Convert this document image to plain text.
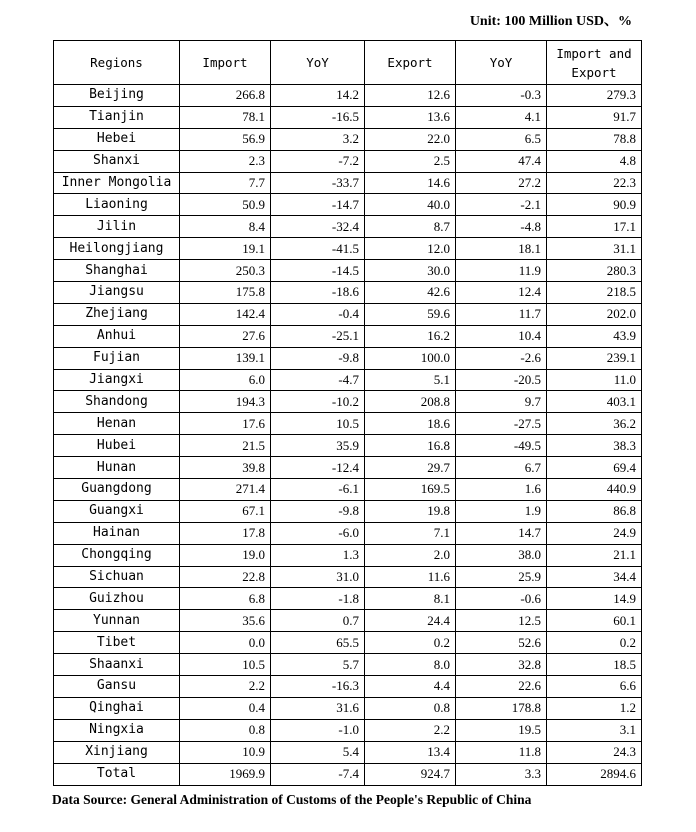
Unit: 100 Million USD、%
Regions	Import	YoY	Export	YoY	Import and Export
Beijing	266.8	14.2	12.6	-0.3	279.3
Tianjin	78.1	-16.5	13.6	4.1	91.7
Hebei	56.9	3.2	22.0	6.5	78.8
Shanxi	2.3	-7.2	2.5	47.4	4.8
Inner Mongolia	7.7	-33.7	14.6	27.2	22.3
Liaoning	50.9	-14.7	40.0	-2.1	90.9
Jilin	8.4	-32.4	8.7	-4.8	17.1
Heilongjiang	19.1	-41.5	12.0	18.1	31.1
Shanghai	250.3	-14.5	30.0	11.9	280.3
Jiangsu	175.8	-18.6	42.6	12.4	218.5
Zhejiang	142.4	-0.4	59.6	11.7	202.0
Anhui	27.6	-25.1	16.2	10.4	43.9
Fujian	139.1	-9.8	100.0	-2.6	239.1
Jiangxi	6.0	-4.7	5.1	-20.5	11.0
Shandong	194.3	-10.2	208.8	9.7	403.1
Henan	17.6	10.5	18.6	-27.5	36.2
Hubei	21.5	35.9	16.8	-49.5	38.3
Hunan	39.8	-12.4	29.7	6.7	69.4
Guangdong	271.4	-6.1	169.5	1.6	440.9
Guangxi	67.1	-9.8	19.8	1.9	86.8
Hainan	17.8	-6.0	7.1	14.7	24.9
Chongqing	19.0	1.3	2.0	38.0	21.1
Sichuan	22.8	31.0	11.6	25.9	34.4
Guizhou	6.8	-1.8	8.1	-0.6	14.9
Yunnan	35.6	0.7	24.4	12.5	60.1
Tibet	0.0	65.5	0.2	52.6	0.2
Shaanxi	10.5	5.7	8.0	32.8	18.5
Gansu	2.2	-16.3	4.4	22.6	6.6
Qinghai	0.4	31.6	0.8	178.8	1.2
Ningxia	0.8	-1.0	2.2	19.5	3.1
Xinjiang	10.9	5.4	13.4	11.8	24.3
Total	1969.9	-7.4	924.7	3.3	2894.6
Data Source: General Administration of Customs of the People's Republic of China
